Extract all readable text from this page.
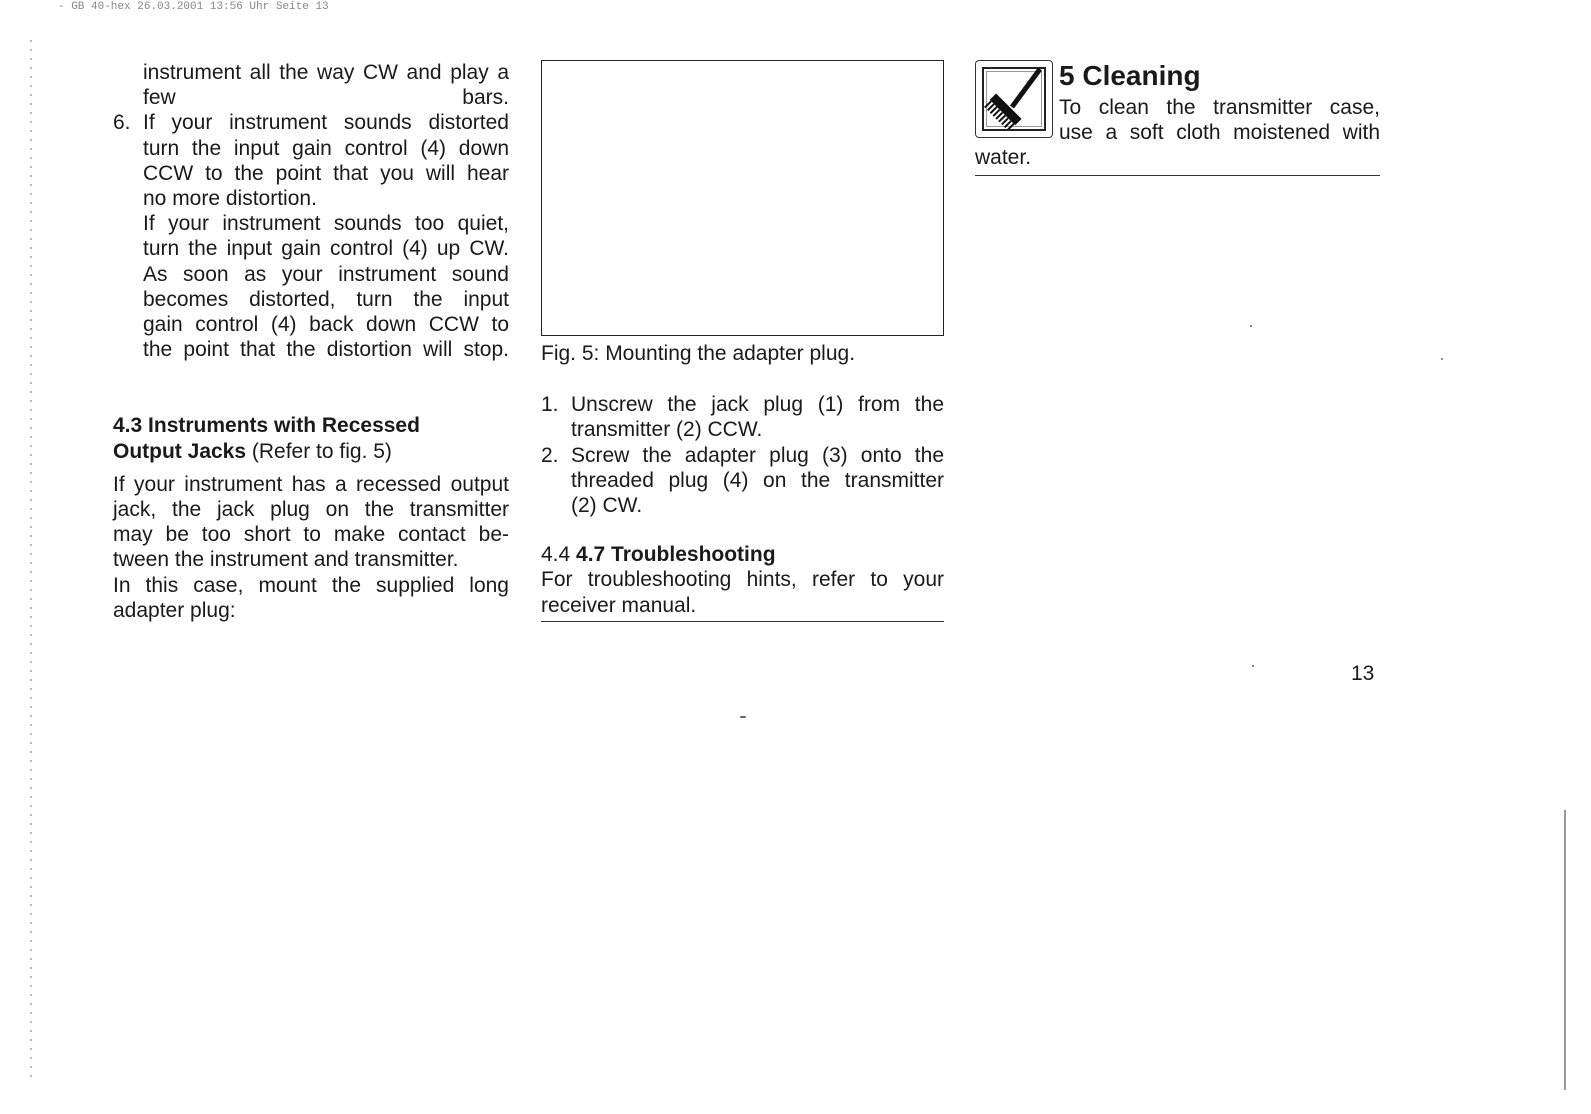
- GB 40-hex 26.03.2001 13:56 Uhr Seite 13

instrument all the way CW and play a few bars.

6. If your instrument sounds distorted
turn the input gain control (4) down
CCW to the point that you will hear
no more distortion.
If your instrument sounds too quiet,
turn the input gain control (4) up CW.
As soon as your instrument sound
becomes distorted, turn the input
gain control (4) back down CCW to
the point that the distortion will stop.
4.3 Instruments with Recessed
Output Jacks (Refer to fig. 5)
If your instrument has a recessed output
jack, the jack plug on the transmitter
may be too short to make contact be-
tween the instrument and transmitter.
In this case, mount the supplied long
adapter plug:

Fig. 5: Mounting the adapter plug.

1. Unscrew the jack plug (1) from the
transmitter (2) CCW.
2. Screw the adapter plug (3) onto the
threaded plug (4) on the transmitter
(2) CW.
4.4 4.7 Troubleshooting
For troubleshooting hints, refer to your
receiver manual.
5 Cleaning
To clean the transmitter case,
use a soft cloth moistened with
water.
13
